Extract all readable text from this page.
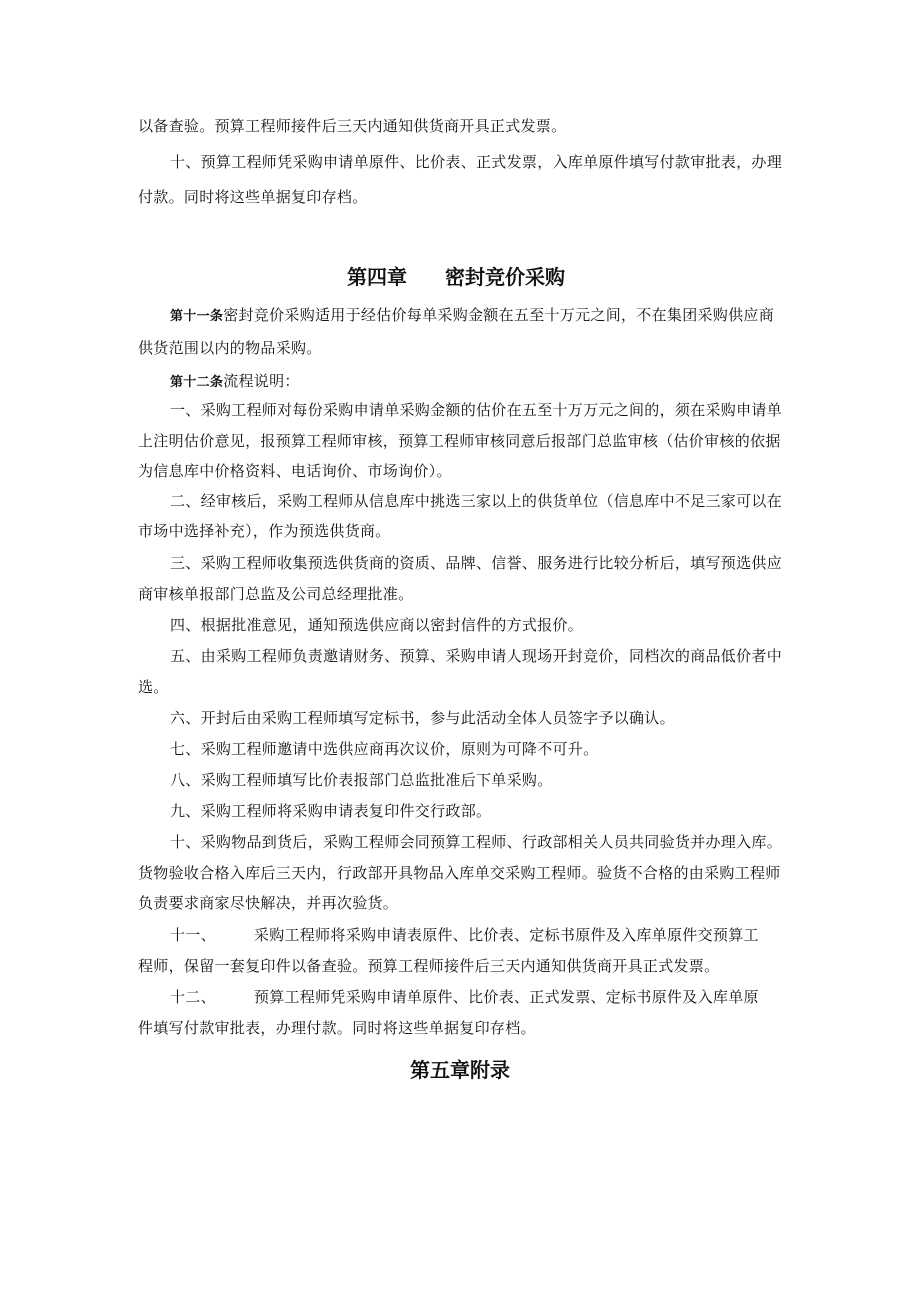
以备查验。预算工程师接件后三天内通知供货商开具正式发票。
十、预算工程师凭采购申请单原件、比价表、正式发票，入库单原件填写付款审批表，办理
付款。同时将这些单据复印存档。
第四章 密封竞价采购
第十一条密封竞价采购适用于经估价每单采购金额在五至十万元之间，不在集团采购供应商
供货范围以内的物品采购。
第十二条流程说明：
一、采购工程师对每份采购申请单采购金额的估价在五至十万万元之间的，须在采购申请单
上注明估价意见，报预算工程师审核，预算工程师审核同意后报部门总监审核（估价审核的依据
为信息库中价格资料、电话询价、市场询价）。
二、经审核后，采购工程师从信息库中挑选三家以上的供货单位（信息库中不足三家可以在
市场中选择补充），作为预选供货商。
三、采购工程师收集预选供货商的资质、品牌、信誉、服务进行比较分析后，填写预选供应
商审核单报部门总监及公司总经理批准。
四、根据批准意见，通知预选供应商以密封信件的方式报价。
五、由采购工程师负责邀请财务、预算、采购申请人现场开封竞价，同档次的商品低价者中
选。
六、开封后由采购工程师填写定标书，参与此活动全体人员签字予以确认。
七、采购工程师邀请中选供应商再次议价，原则为可降不可升。
八、采购工程师填写比价表报部门总监批准后下单采购。
九、采购工程师将采购申请表复印件交行政部。
十、采购物品到货后，采购工程师会同预算工程师、行政部相关人员共同验货并办理入库。
货物验收合格入库后三天内，行政部开具物品入库单交采购工程师。验货不合格的由采购工程师
负责要求商家尽快解决，并再次验货。
十一、	采购工程师将采购申请表原件、比价表、定标书原件及入库单原件交预算工
程师，保留一套复印件以备查验。预算工程师接件后三天内通知供货商开具正式发票。
十二、	预算工程师凭采购申请单原件、比价表、正式发票、定标书原件及入库单原
件填写付款审批表，办理付款。同时将这些单据复印存档。
第五章附录
